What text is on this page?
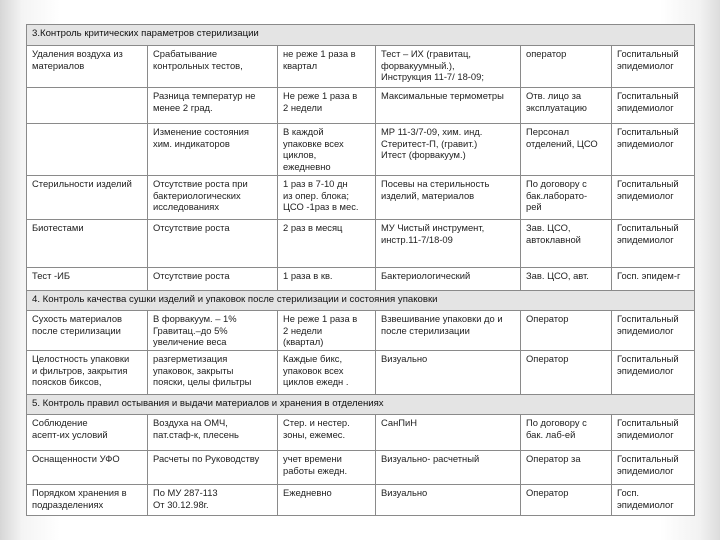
3.Контроль критических параметров стерилизации					
Удаления воздуха из
материалов	Срабатывание
контрольных тестов,	не реже 1 раза в
квартал	Тест – ИХ (гравитац,
форвакуумный.),
Инструкция 11-7/ 18-09;	оператор	Госпитальный
эпидемиолог
	Разница температур не
менее 2 град.	Не реже 1 раза в
2 недели	Максимальные термометры	Отв. лицо за
эксплуатацию	Госпитальный
эпидемиолог
	Изменение состояния
хим. индикаторов	В каждой
упаковке всех
циклов,
ежедневно	МР 11-3/7-09, хим. инд.
Стеритест-П, (гравит.)
Итест (форвакуум.)	Персонал
отделений, ЦСО	Госпитальный
эпидемиолог
Стерильности изделий	Отсутствие роста при
бактериологических
исследованиях	1 раз в 7-10 дн
из опер. блока;
ЦСО -1раз в мес.	Посевы на стерильность
изделий, материалов	По договору с
бак.лаборато-
рей	Госпитальный
эпидемиолог
Биотестами	Отсутствие роста	2 раз в месяц	МУ Чистый инструмент,
инстр.11-7/18-09	Зав. ЦСО,
автоклавной	Госпитальный
эпидемиолог
Тест -ИБ	Отсутствие роста	1 раза в кв.	Бактериологический	Зав. ЦСО, авт.	Госп. эпидем-г
4. Контроль качества сушки изделий и упаковок после стерилизации и состояния упаковки					
Сухость материалов
после стерилизации	В форвакуум. – 1%
Гравитац.–до 5%
увеличение веса	Не реже 1 раза в
2 недели
(квартал)	Взвешивание упаковки до и
после стерилизации	Оператор	Госпитальный
эпидемиолог
Целостность упаковки
и фильтров, закрытия
поясков биксов,	разгерметизация
упаковок, закрыты
пояски, целы фильтры	Каждые бикс,
упаковок всех
циклов ежедн .	Визуально	Оператор	Госпитальный
эпидемиолог
5. Контроль правил остывания и выдачи материалов и хранения в отделениях					
Соблюдение
асепт-их условий	Воздуха на ОМЧ,
пат.стаф-к, плесень	Стер. и нестер.
зоны, ежемес.	СанПиН	По договору с
бак. лаб-ей	Госпитальный
эпидемиолог
Оснащенности УФО	Расчеты по Руководству	учет времени
работы ежедн.	Визуально- расчетный	Оператор за	Госпитальный
эпидемиолог
Порядком хранения в
подразделениях	По МУ 287-113
От 30.12.98г.	Ежедневно	Визуально	Оператор	Госп.
эпидемиолог
